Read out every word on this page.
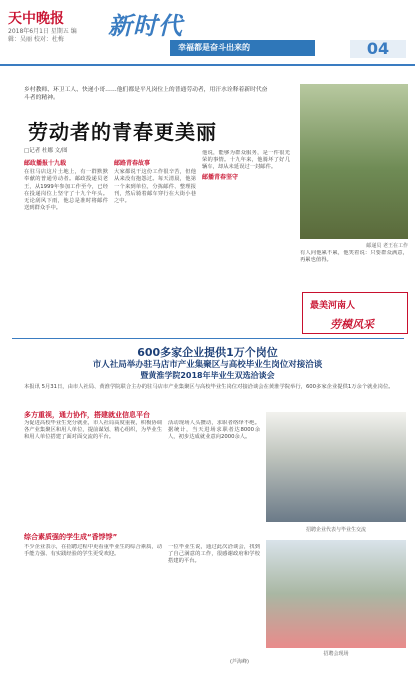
天中晚报
2018年6月1日 星期五 编辑：吴丽 校对：杜梅	新时代
幸福都是奋斗出来的	04
乡村教师、环卫工人、快递小哥……他们都是平凡岗位上的普通劳动者，用汗水诠释着新时代奋斗者的精神。
劳动者的青春更美丽
□记者 杜娜 文/图
邮政播报十九载
在驻马店这片土地上，有一群默默奉献的普通劳动者。邮政投递员老王，从1999年参加工作至今，已经在投递岗位上坚守了十九个年头。无论刮风下雨，他总是准时将邮件送到群众手中。
邮路青春故事
大家都说干这份工作很辛苦，但他从来没有抱怨过。每天清晨，他第一个来到单位，分拣邮件、整理报刊，然后骑着邮车穿行在大街小巷之中。
他说，能够为群众服务，是一件很光荣的事情。十九年来，他骑坏了好几辆车，却从未延误过一封邮件。
邮播青春坚守
邮递员 老王在工作
有人问他累不累，他笑着说：只要群众满意，再累也值得。
最美河南人
劳模风采
600多家企业提供1万个岗位
市人社局举办驻马店市产业集聚区与高校毕业生岗位对接洽谈
暨黄淮学院2018年毕业生双选洽谈会
本报讯 5月31日，由市人社局、黄淮学院联合主办的驻马店市产业集聚区与高校毕业生岗位对接洽谈会在黄淮学院举行，600多家企业提供1万余个就业岗位。
多方重视，通力协作，搭建就业信息平台
为促进高校毕业生充分就业，市人社局高度重视，积极协调各产业集聚区和用人单位，提前谋划、精心组织，为毕业生和用人单位搭建了面对面交流的平台。
活动现场人头攒动，求职者络绎不绝。据统计，当天进场求职者达8000余人，初步达成就业意向2000余人。
综合素质强的学生成“香饽饽”
不少企业表示，在招聘过程中更看重毕业生的综合素质，动手能力强、有实践经验的学生更受欢迎。
一位毕业生说，通过此次洽谈会，找到了自己满意的工作，很感谢政府和学校搭建的平台。
招聘企业代表与毕业生交流
招聘会现场
(芦海峰)
